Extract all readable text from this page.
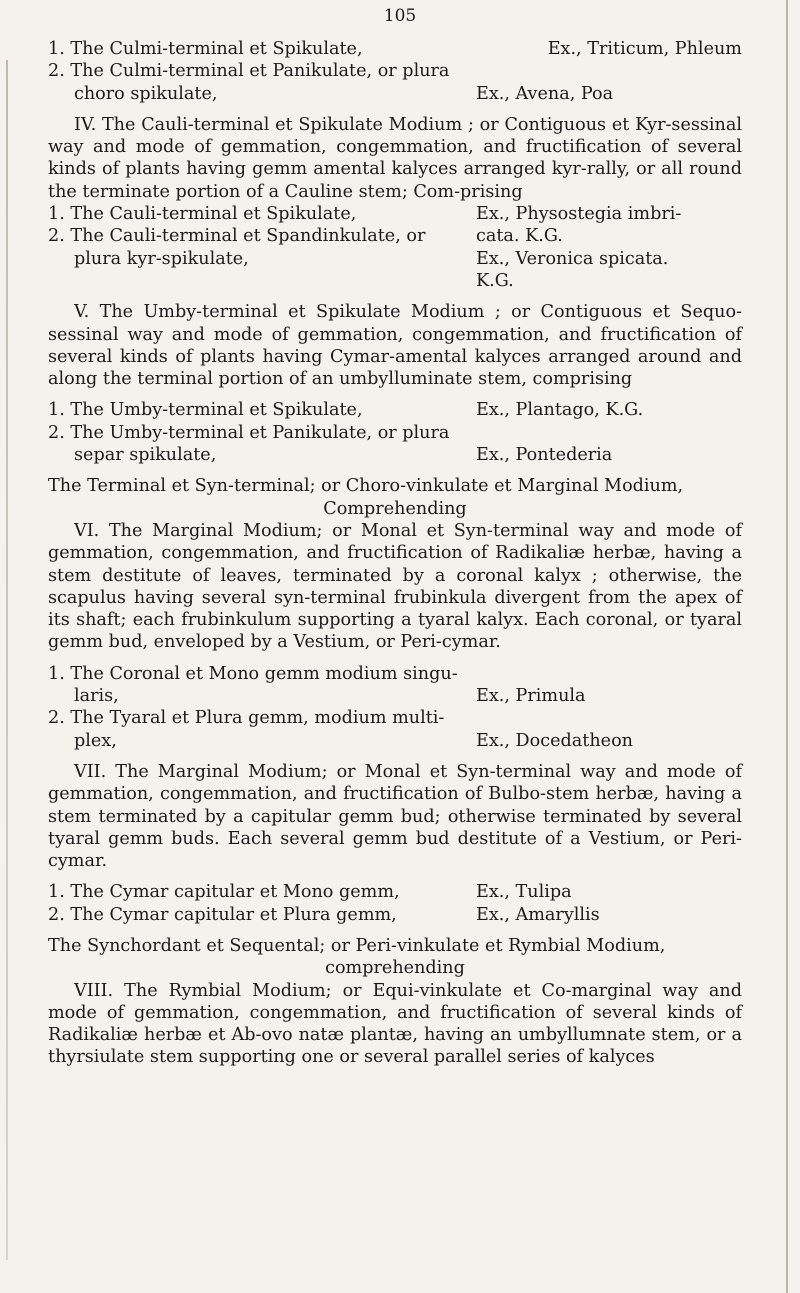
105
1. The Culmi-terminal et Spikulate,	Ex., Triticum, Phleum
2. The Culmi-terminal et Panikulate, or plura
choro spikulate,	Ex., Avena, Poa

IV. The Cauli-terminal et Spikulate Modium ; or Contiguous et Kyr-sessinal way and mode of gemmation, congemmation, and fructification of several kinds of plants having gemm amental kalyces arranged kyr-rally, or all round the terminate portion of a Cauline stem; Com-prising

1. The Cauli-terminal et Spikulate,	Ex., Physostegia imbri-
2. The Cauli-terminal et Spandinkulate, or	cata. K.G.
plura kyr-spikulate,	Ex., Veronica spicata.
K.G.

V. The Umby-terminal et Spikulate Modium ; or Contiguous et Sequo-sessinal way and mode of gemmation, congemmation, and fructification of several kinds of plants having Cymar-amental kalyces arranged around and along the terminal portion of an umbylluminate stem, comprising

1. The Umby-terminal et Spikulate,	Ex., Plantago, K.G.
2. The Umby-terminal et Panikulate, or plura
separ spikulate,	Ex., Pontederia

The Terminal et Syn-terminal; or Choro-vinkulate et Marginal Modium,

Comprehending

VI. The Marginal Modium; or Monal et Syn-terminal way and mode of gemmation, congemmation, and fructification of Radikaliæ herbæ, having a stem destitute of leaves, terminated by a coronal kalyx ; otherwise, the scapulus having several syn-terminal frubinkula divergent from the apex of its shaft; each frubinkulum supporting a tyaral kalyx. Each coronal, or tyaral gemm bud, enveloped by a Vestium, or Peri-cymar.

1. The Coronal et Mono gemm modium singu-
laris,	Ex., Primula
2. The Tyaral et Plura gemm, modium multi-
plex,	Ex., Docedatheon

VII. The Marginal Modium; or Monal et Syn-terminal way and mode of gemmation, congemmation, and fructification of Bulbo-stem herbæ, having a stem terminated by a capitular gemm bud; otherwise terminated by several tyaral gemm buds. Each several gemm bud destitute of a Vestium, or Peri-cymar.

1. The Cymar capitular et Mono gemm,	Ex., Tulipa
2. The Cymar capitular et Plura gemm,	Ex., Amaryllis

The Synchordant et Sequental; or Peri-vinkulate et Rymbial Modium,

comprehending

VIII. The Rymbial Modium; or Equi-vinkulate et Co-marginal way and mode of gemmation, congemmation, and fructification of several kinds of Radikaliæ herbæ et Ab-ovo natæ plantæ, having an umbyllumnate stem, or a thyrsiulate stem supporting one or several parallel series of kalyces
